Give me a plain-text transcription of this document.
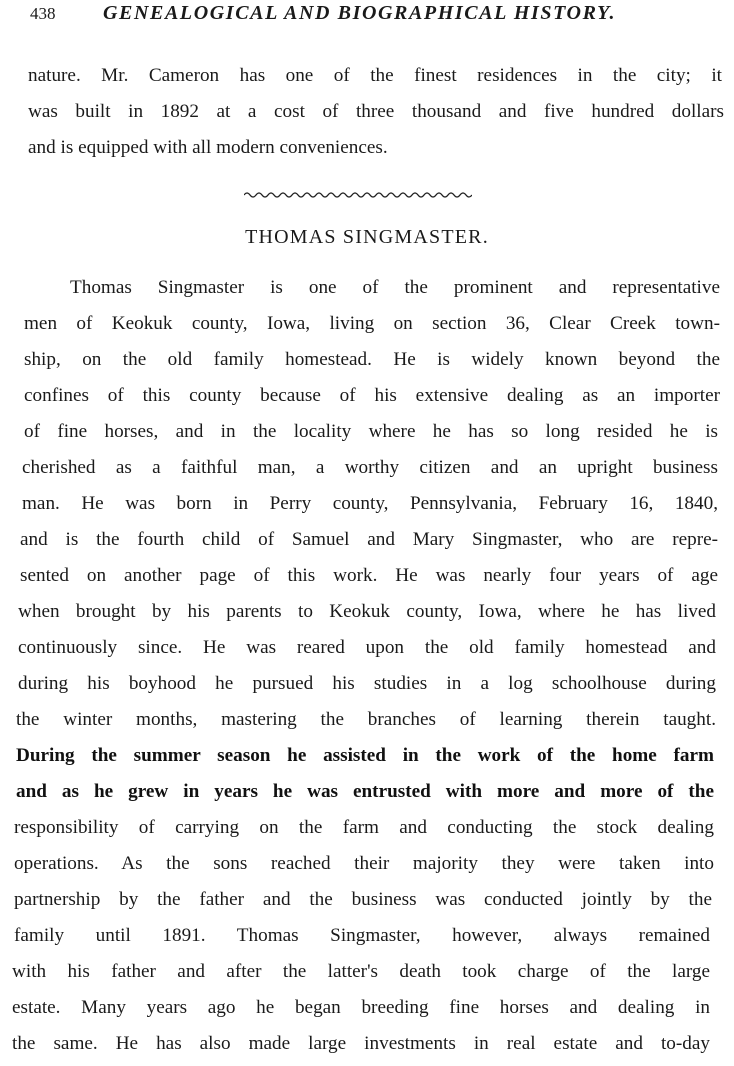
438 GENEALOGICAL AND BIOGRAPHICAL HISTORY.
nature. Mr. Cameron has one of the finest residences in the city; it
was built in 1892 at a cost of three thousand and five hundred dollars
and is equipped with all modern conveniences.
THOMAS SINGMASTER.
Thomas Singmaster is one of the prominent and representative
men of Keokuk county, Iowa, living on section 36, Clear Creek town-
ship, on the old family homestead. He is widely known beyond the
confines of this county because of his extensive dealing as an importer
of fine horses, and in the locality where he has so long resided he is
cherished as a faithful man, a worthy citizen and an upright business
man. He was born in Perry county, Pennsylvania, February 16, 1840,
and is the fourth child of Samuel and Mary Singmaster, who are repre-
sented on another page of this work. He was nearly four years of age
when brought by his parents to Keokuk county, Iowa, where he has lived
continuously since. He was reared upon the old family homestead and
during his boyhood he pursued his studies in a log schoolhouse during
the winter months, mastering the branches of learning therein taught.
During the summer season he assisted in the work of the home farm
and as he grew in years he was entrusted with more and more of the
responsibility of carrying on the farm and conducting the stock dealing
operations. As the sons reached their majority they were taken into
partnership by the father and the business was conducted jointly by the
family until 1891. Thomas Singmaster, however, always remained
with his father and after the latter's death took charge of the large
estate. Many years ago he began breeding fine horses and dealing in
the same. He has also made large investments in real estate and to-day
